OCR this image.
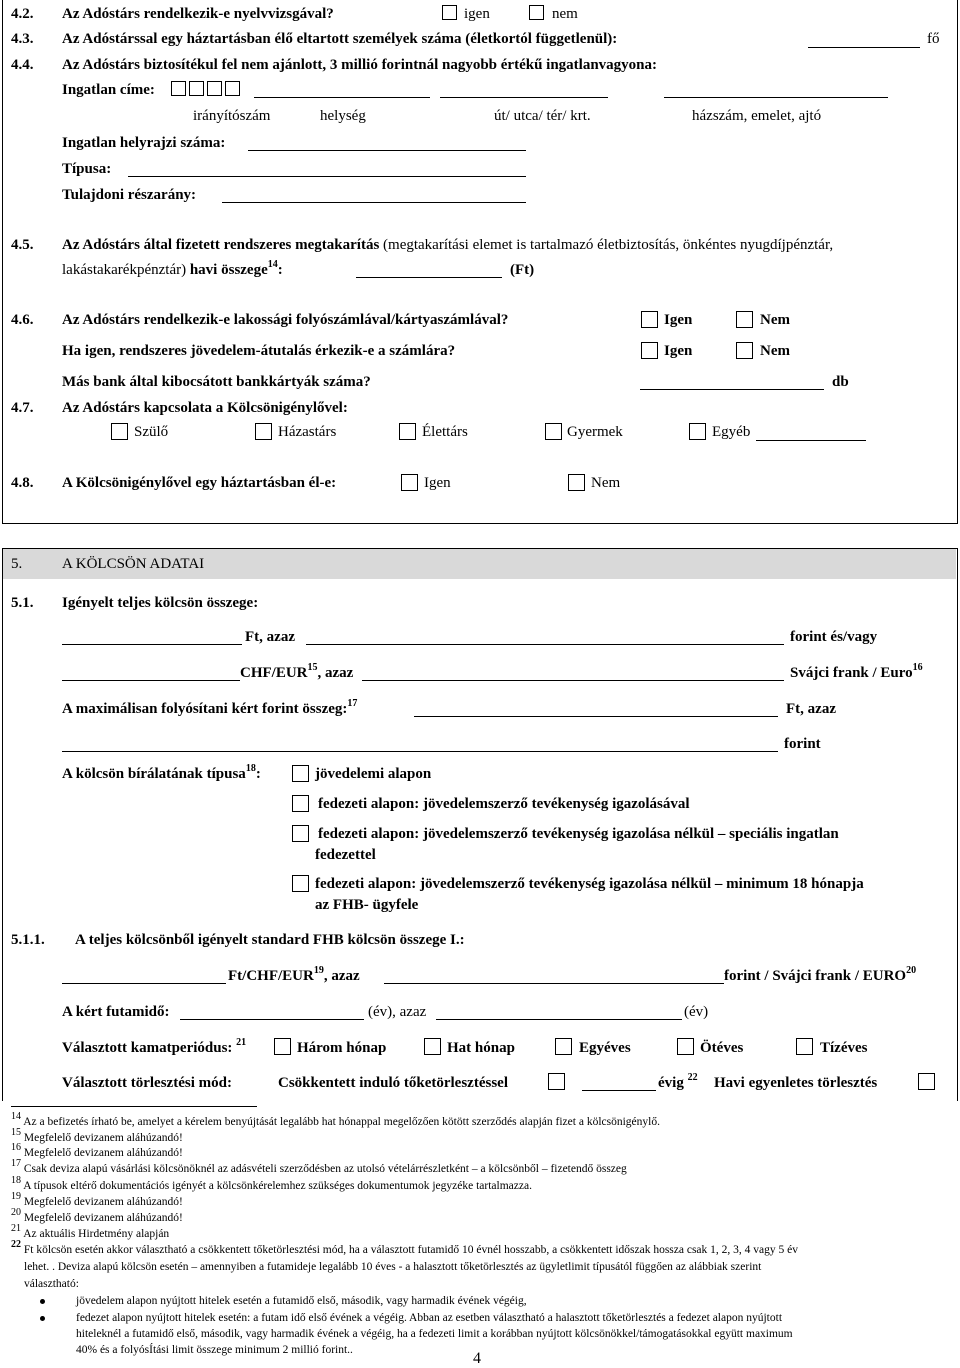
4.2. Az Adóstárs rendelkezik-e nyelvvizsgával?	igen	nem
4.3. Az Adóstárssal egy háztartásban élő eltartott személyek száma (életkortól függetlenül):	fő
4.4. Az Adóstárs biztosítékul fel nem ajánlott, 3 millió forintnál nagyobb értékű ingatlanvagyona:
Ingatlan címe:
irányítószám	helység	út/ utca/ tér/ krt.	házszám, emelet, ajtó
Ingatlan helyrajzi száma:
Típusa:
Tulajdoni részarány:
4.5. Az Adóstárs által fizetett rendszeres megtakarítás (megtakarítási elemet is tartalmazó életbiztosítás, önkéntes nyugdíjpénztár,
lakástakarékpénztár) havi összege$^{14}$:	(Ft)
4.6. Az Adóstárs rendelkezik-e lakossági folyószámlával/kártyaszámlával?	Igen	Nem
Ha igen, rendszeres jövedelem-átutalás érkezik-e a számlára?	Igen	Nem
Más bank által kibocsátott bankkártyák száma?	db
4.7. Az Adóstárs kapcsolata a Kölcsönigénylővel:
Szülő	Házastárs	Élettárs	Gyermek	Egyéb
4.8. A Kölcsönigénylővel egy háztartásban él-e:	Igen	Nem
5.	A KÖLCSÖN ADATAI
5.1. Igényelt teljes kölcsön összege:
Ft, azaz	forint és/vagy
CHF/EUR$^{15}$, azaz	Svájci frank / Euro$^{16}$
A maximálisan folyósítani kért forint összeg:$^{17}$	Ft, azaz
forint
A kölcsön bírálatának típusa$^{18}$:	jövedelemi alapon
fedezeti alapon: jövedelemszerző tevékenység igazolásával
fedezeti alapon: jövedelemszerző tevékenység igazolása nélkül – speciális ingatlan
fedezettel
fedezeti alapon: jövedelemszerző tevékenység igazolása nélkül – minimum 18 hónapja
az FHB- ügyfele
5.1.1. A teljes kölcsönből igényelt standard FHB kölcsön összege I.:
Ft/CHF/EUR$^{19}$, azaz	forint / Svájci frank / EURO$^{20}$
A kért futamidő:	(év), azaz	(év)
Választott kamatperiódus: $^{21}$	Három hónap	Hat hónap	Egyéves	Ötéves	Tízéves
Választott törlesztési mód:	Csökkentett induló tőketörlesztéssel	évig $^{22}$ Havi egyenletes törlesztés
$^{14}$ Az a befizetés írható be, amelyet a kérelem benyújtását legalább hat hónappal megelőzően kötött szerződés alapján fizet a kölcsönigénylő.
$^{15}$ Megfelelő devizanem aláhúzandó!
$^{16}$ Megfelelő devizanem aláhúzandó!
$^{17}$ Csak deviza alapú vásárlási kölcsönöknél az adásvételi szerződésben az utolsó vételárrészletként – a kölcsönből – fizetendő összeg
$^{18}$ A típusok eltérő dokumentációs igényét a kölcsönkérelemhez szükséges dokumentumok jegyzéke tartalmazza.
$^{19}$ Megfelelő devizanem aláhúzandó!
$^{20}$ Megfelelő devizanem aláhúzandó!
$^{21}$ Az aktuális Hirdetmény alapján
$^{22}$ Ft kölcsön esetén akkor választható a csökkentett tőketörlesztési mód, ha a választott futamidő 10 évnél hosszabb, a csökkentett időszak hossza csak 1, 2, 3, 4 vagy 5 év
lehet. . Deviza alapú kölcsön esetén – amennyiben a futamideje legalább 10 éves - a halasztott tőketörlesztés az ügyletlimit típusától függően az alábbiak szerint
választható:
jövedelem alapon nyújtott hitelek esetén a futamidő első, második, vagy harmadik évének végéig,
fedezet alapon nyújtott hitelek esetén: a futam idő első évének a végéig. Abban az esetben választható a halasztott tőketörlesztés a fedezet alapon nyújtott
hiteleknél a futamidő első, második, vagy harmadik évének a végéig, ha a fedezeti limit a korábban nyújtott kölcsönökkel/támogatásokkal együtt maximum
40% és a folyósÍtási limit összege minimum 2 millió forint..	4
